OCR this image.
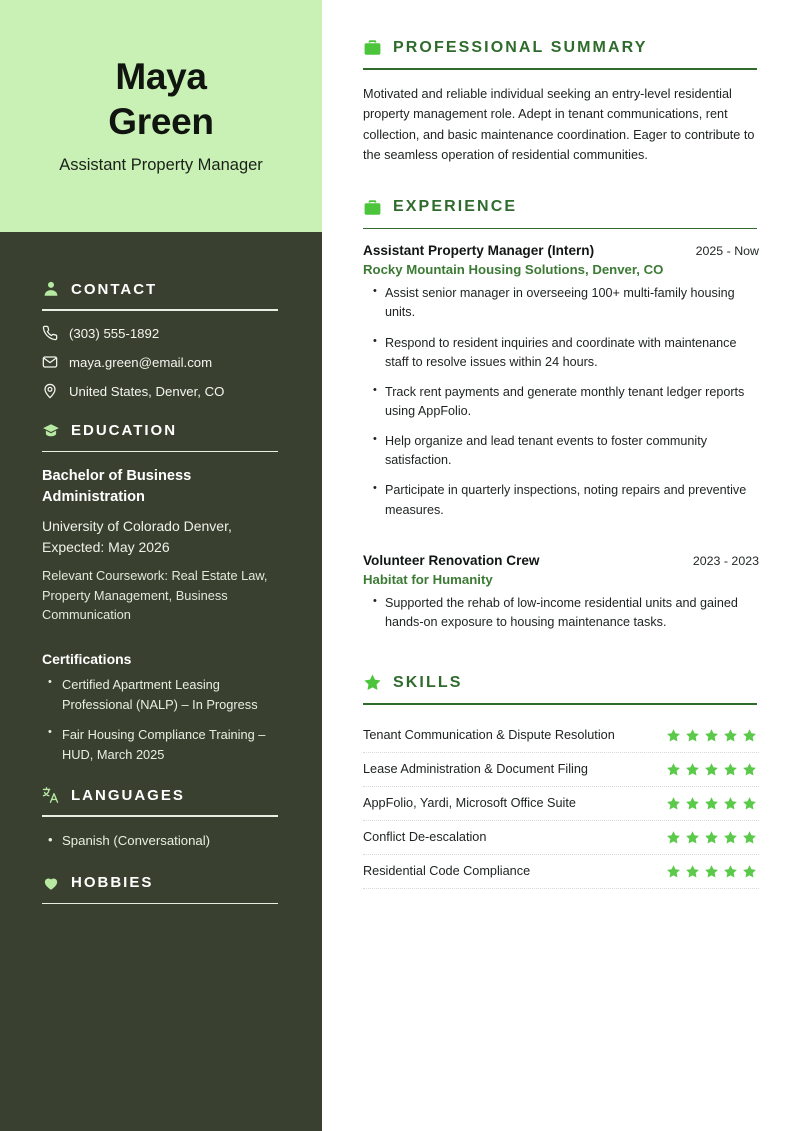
Maya
Green
Assistant Property Manager
CONTACT
(303) 555-1892
maya.green@email.com
United States, Denver, CO
EDUCATION
Bachelor of Business Administration
University of Colorado Denver, Expected: May 2026
Relevant Coursework: Real Estate Law, Property Management, Business Communication
Certifications
• Certified Apartment Leasing Professional (NALP) – In Progress
• Fair Housing Compliance Training – HUD, March 2025
LANGUAGES
• Spanish (Conversational)
HOBBIES
PROFESSIONAL SUMMARY
Motivated and reliable individual seeking an entry-level residential property management role. Adept in tenant communications, rent collection, and basic maintenance coordination. Eager to contribute to the seamless operation of residential communities.
EXPERIENCE
Assistant Property Manager (Intern)	2025 - Now
Rocky Mountain Housing Solutions, Denver, CO
• Assist senior manager in overseeing 100+ multi-family housing units.
• Respond to resident inquiries and coordinate with maintenance staff to resolve issues within 24 hours.
• Track rent payments and generate monthly tenant ledger reports using AppFolio.
• Help organize and lead tenant events to foster community satisfaction.
• Participate in quarterly inspections, noting repairs and preventive measures.
Volunteer Renovation Crew	2023 - 2023
Habitat for Humanity
• Supported the rehab of low-income residential units and gained hands-on exposure to housing maintenance tasks.
SKILLS
Tenant Communication & Dispute Resolution
Lease Administration & Document Filing
AppFolio, Yardi, Microsoft Office Suite
Conflict De-escalation
Residential Code Compliance
